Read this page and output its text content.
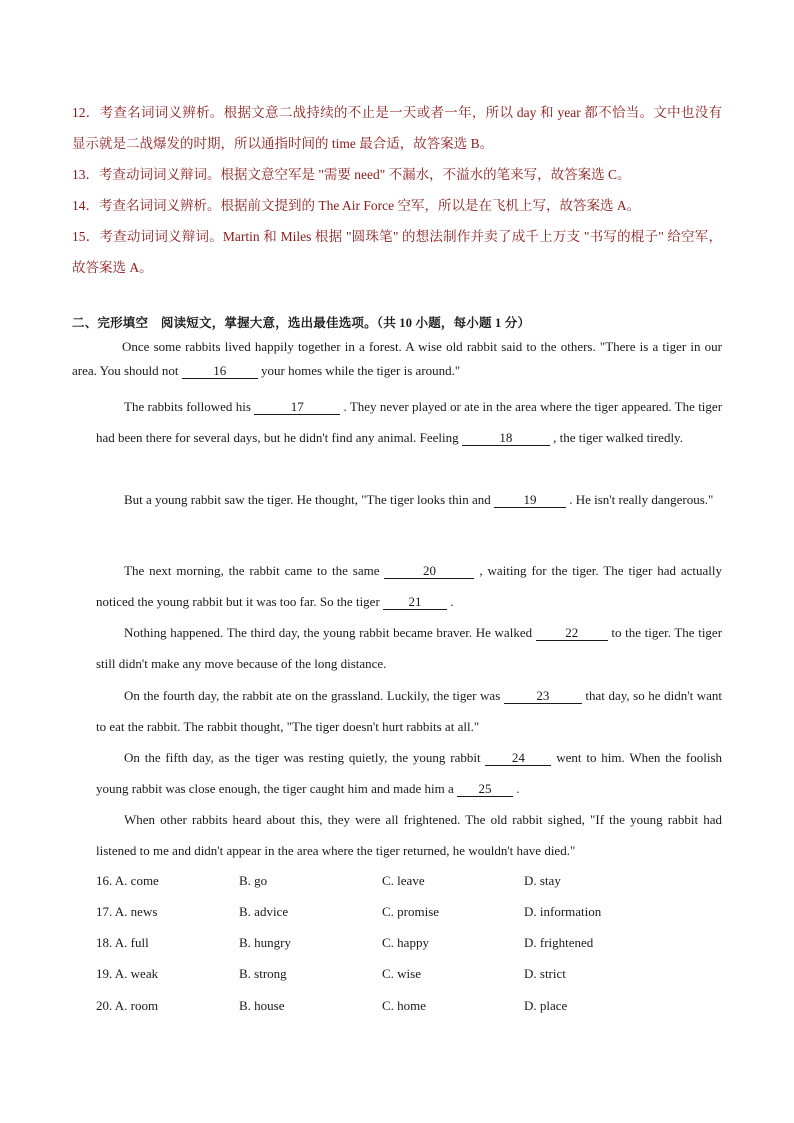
12．考查名词词义辨析。根据文意二战持续的不止是一天或者一年，所以 day 和 year 都不恰当。文中也没有显示就是二战爆发的时期，所以通指时间的 time 最合适，故答案选 B。

13．考查动词词义辩词。根据文意空军是 "需要 need" 不漏水，不溢水的笔来写，故答案选 C。

14．考查名词词义辨析。根据前文提到的 The Air Force 空军，所以是在飞机上写，故答案选 A。

15．考查动词词义辩词。Martin 和 Miles 根据 "圆珠笔" 的想法制作并卖了成千上万支 "书写的棍子" 给空军，故答案选 A。

二、完形填空　阅读短文，掌握大意，选出最佳选项。（共 10 小题，每小题 1 分）
Once some rabbits lived happily together in a forest. A wise old rabbit said to the others. "There is a tiger in our area. You should not	16	your homes while the tiger is around."
The rabbits followed his	17	. They never played or ate in the area where the tiger appeared. The tiger had been there for several days, but he didn't find any animal. Feeling	18	, the tiger walked tiredly.
But a young rabbit saw the tiger. He thought, "The tiger looks thin and	19	. He isn't really dangerous."
The next morning, the rabbit came to the same	20	, waiting for the tiger. The tiger had actually noticed the young rabbit but it was too far. So the tiger 21 .
Nothing happened. The third day, the young rabbit became braver. He walked	22	to the tiger. The tiger still didn't make any move because of the long distance.
On the fourth day, the rabbit ate on the grassland. Luckily, the tiger was	23	that day, so he didn't want to eat the rabbit. The rabbit thought, "The tiger doesn't hurt rabbits at all."
On the fifth day, as the tiger was resting quietly, the young rabbit 24 went to him. When the foolish young rabbit was close enough, the tiger caught him and made him a 25 .
When other rabbits heard about this, they were all frightened. The old rabbit sighed, "If the young rabbit had listened to me and didn't appear in the area where the tiger returned, he wouldn't have died."
16. A. come	B. go	C. leave	D. stay
17. A. news	B. advice	C. promise	D. information
18. A. full	B. hungry	C. happy	D. frightened
19. A. weak	B. strong	C. wise	D. strict
20. A. room	B. house	C. home	D. place
